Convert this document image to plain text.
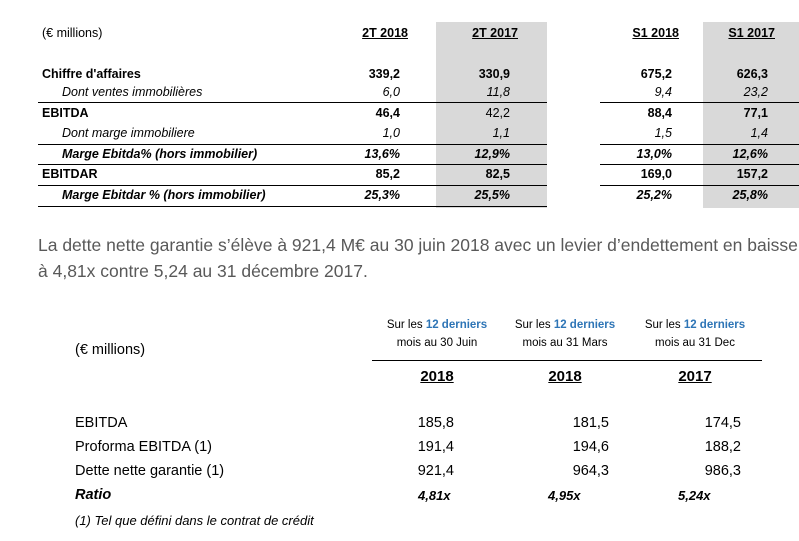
(€ millions)	2T 2018	2T 2017	S1 2018	S1 2017
Chiffre d'affaires	339,2	330,9	675,2	626,3
Dont ventes immobilières	6,0	11,8	9,4	23,2
EBITDA	46,4	42,2	88,4	77,1
Dont marge immobiliere	1,0	1,1	1,5	1,4
Marge Ebitda% (hors immobilier)	13,6%	12,9%	13,0%	12,6%
EBITDAR	85,2	82,5	169,0	157,2
Marge Ebitdar % (hors immobilier)	25,3%	25,5%	25,2%	25,8%
La dette nette garantie s’élève à 921,4 M€ au 30 juin 2018 avec un levier d’endettement en baisse à 4,81x contre 5,24 au 31 décembre 2017.
Sur les 12 derniers
mois au 30 Juin
Sur les 12 derniers
mois au 31 Mars
Sur les 12 derniers
mois au 31 Dec
(€ millions)
2018	2018	2017
EBITDA	185,8	181,5	174,5
Proforma EBITDA (1)	191,4	194,6	188,2
Dette nette garantie (1)	921,4	964,3	986,3
Ratio	4,81x	4,95x	5,24x
(1) Tel que défini dans le contrat de crédit
